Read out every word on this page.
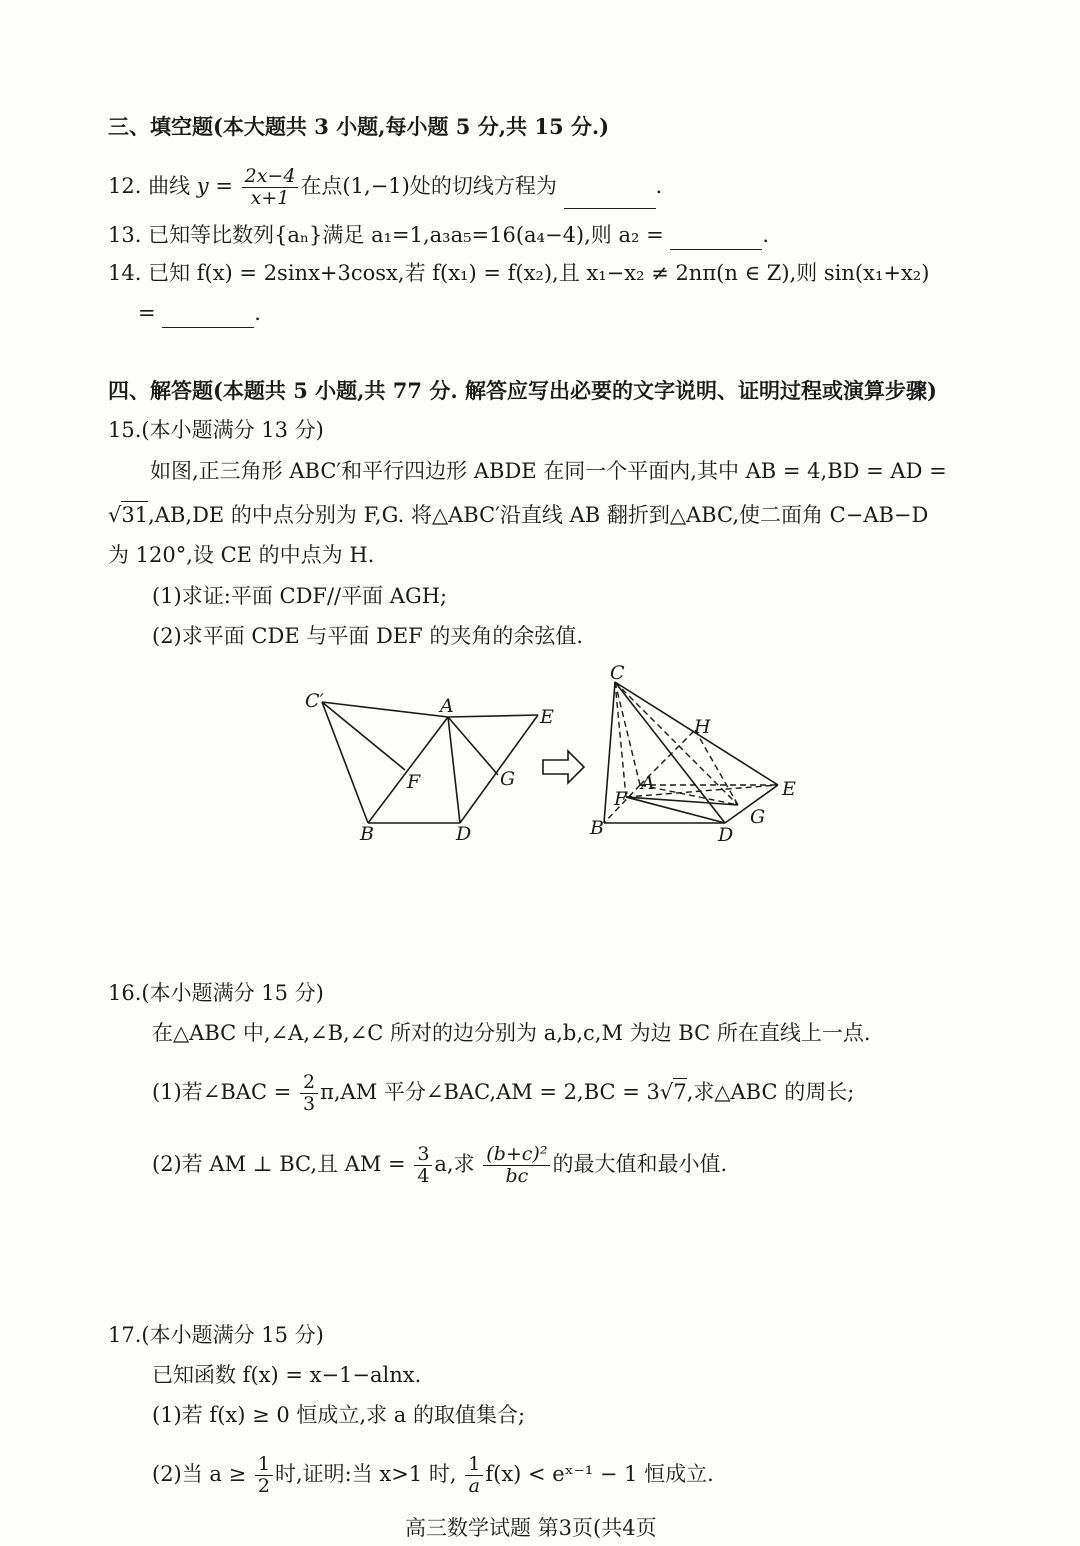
三、填空题(本大题共 3 小题,每小题 5 分,共 15 分.)
12. 曲线 $y = \frac{2x-4}{x+1}$ 在点(1,−1)处的切线方程为	.
13. 已知等比数列{aₙ}满足 a₁=1,a₃a₅=16(a₄−4),则 a₂ =	.
14. 已知 f(x) = 2sinx+3cosx,若 f(x₁) = f(x₂),且 x₁−x₂ ≠ 2nπ(n ∈ Z),则 sin(x₁+x₂)
=	.
四、解答题(本题共 5 小题,共 77 分. 解答应写出必要的文字说明、证明过程或演算步骤)
15.(本小题满分 13 分)
如图,正三角形 ABC′和平行四边形 ABDE 在同一个平面内,其中 AB = 4,BD = AD =
√31,AB,DE 的中点分别为 F,G. 将△ABC′沿直线 AB 翻折到△ABC,使二面角 C−AB−D
为 120°,设 CE 的中点为 H.
(1)求证:平面 CDF//平面 AGH;
(2)求平面 CDE 与平面 DEF 的夹角的余弦值.
C′	A	E
F	G
B	D
C
H
A
F	E
G
B	D
16.(本小题满分 15 分)
在△ABC 中,∠A,∠B,∠C 所对的边分别为 a,b,c,M 为边 BC 所在直线上一点.
(1)若∠BAC = $\frac{2}{3} \pi,AM$ 平分∠BAC,AM = 2,BC = 3√7,求△ABC 的周长;
(2)若 AM ⊥ BC,且 AM = $\frac{3}{4} a$,求 $\frac{\text{(b+c)²}}{bc}$ 的最大值和最小值.
17.(本小题满分 15 分)
已知函数 f(x) = x−1−alnx.
(1)若 f(x) ≥ 0 恒成立,求 a 的取值集合;
(2)当 $a \ge \frac{1}{2}$ 时,证明:当 x>1 时, $\frac{1}{a} f(x)$ < eˣ⁻¹ − 1 恒成立.
高三数学试题 第3页(共4页
